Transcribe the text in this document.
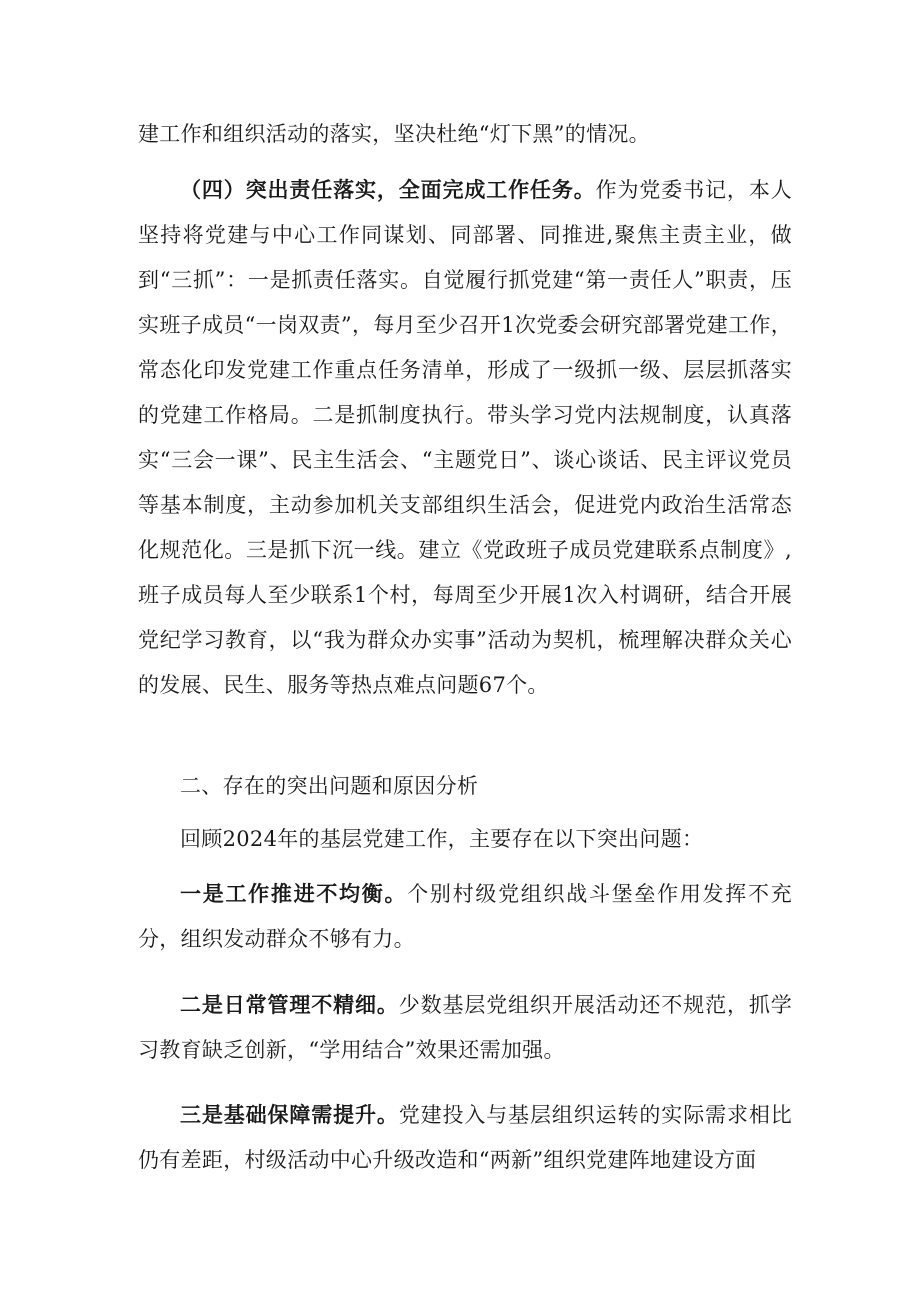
建工作和组织活动的落实，坚决杜绝“灯下黑”的情况。

（四）突出责任落实，全面完成工作任务。作为党委书记，本人坚持将党建与中心工作同谋划、同部署、同推进,聚焦主责主业，做到“三抓”：一是抓责任落实。自觉履行抓党建“第一责任人”职责，压实班子成员“一岗双责”，每月至少召开1次党委会研究部署党建工作，常态化印发党建工作重点任务清单，形成了一级抓一级、层层抓落实的党建工作格局。二是抓制度执行。带头学习党内法规制度，认真落实“三会一课”、民主生活会、“主题党日”、谈心谈话、民主评议党员等基本制度，主动参加机关支部组织生活会，促进党内政治生活常态化规范化。三是抓下沉一线。建立《党政班子成员党建联系点制度》,班子成员每人至少联系1个村，每周至少开展1次入村调研，结合开展党纪学习教育，以“我为群众办实事”活动为契机，梳理解决群众关心的发展、民生、服务等热点难点问题67个。

二、存在的突出问题和原因分析

回顾2024年的基层党建工作，主要存在以下突出问题：

一是工作推进不均衡。个别村级党组织战斗堡垒作用发挥不充分，组织发动群众不够有力。

二是日常管理不精细。少数基层党组织开展活动还不规范，抓学习教育缺乏创新，“学用结合”效果还需加强。

三是基础保障需提升。党建投入与基层组织运转的实际需求相比仍有差距，村级活动中心升级改造和“两新”组织党建阵地建设方面
